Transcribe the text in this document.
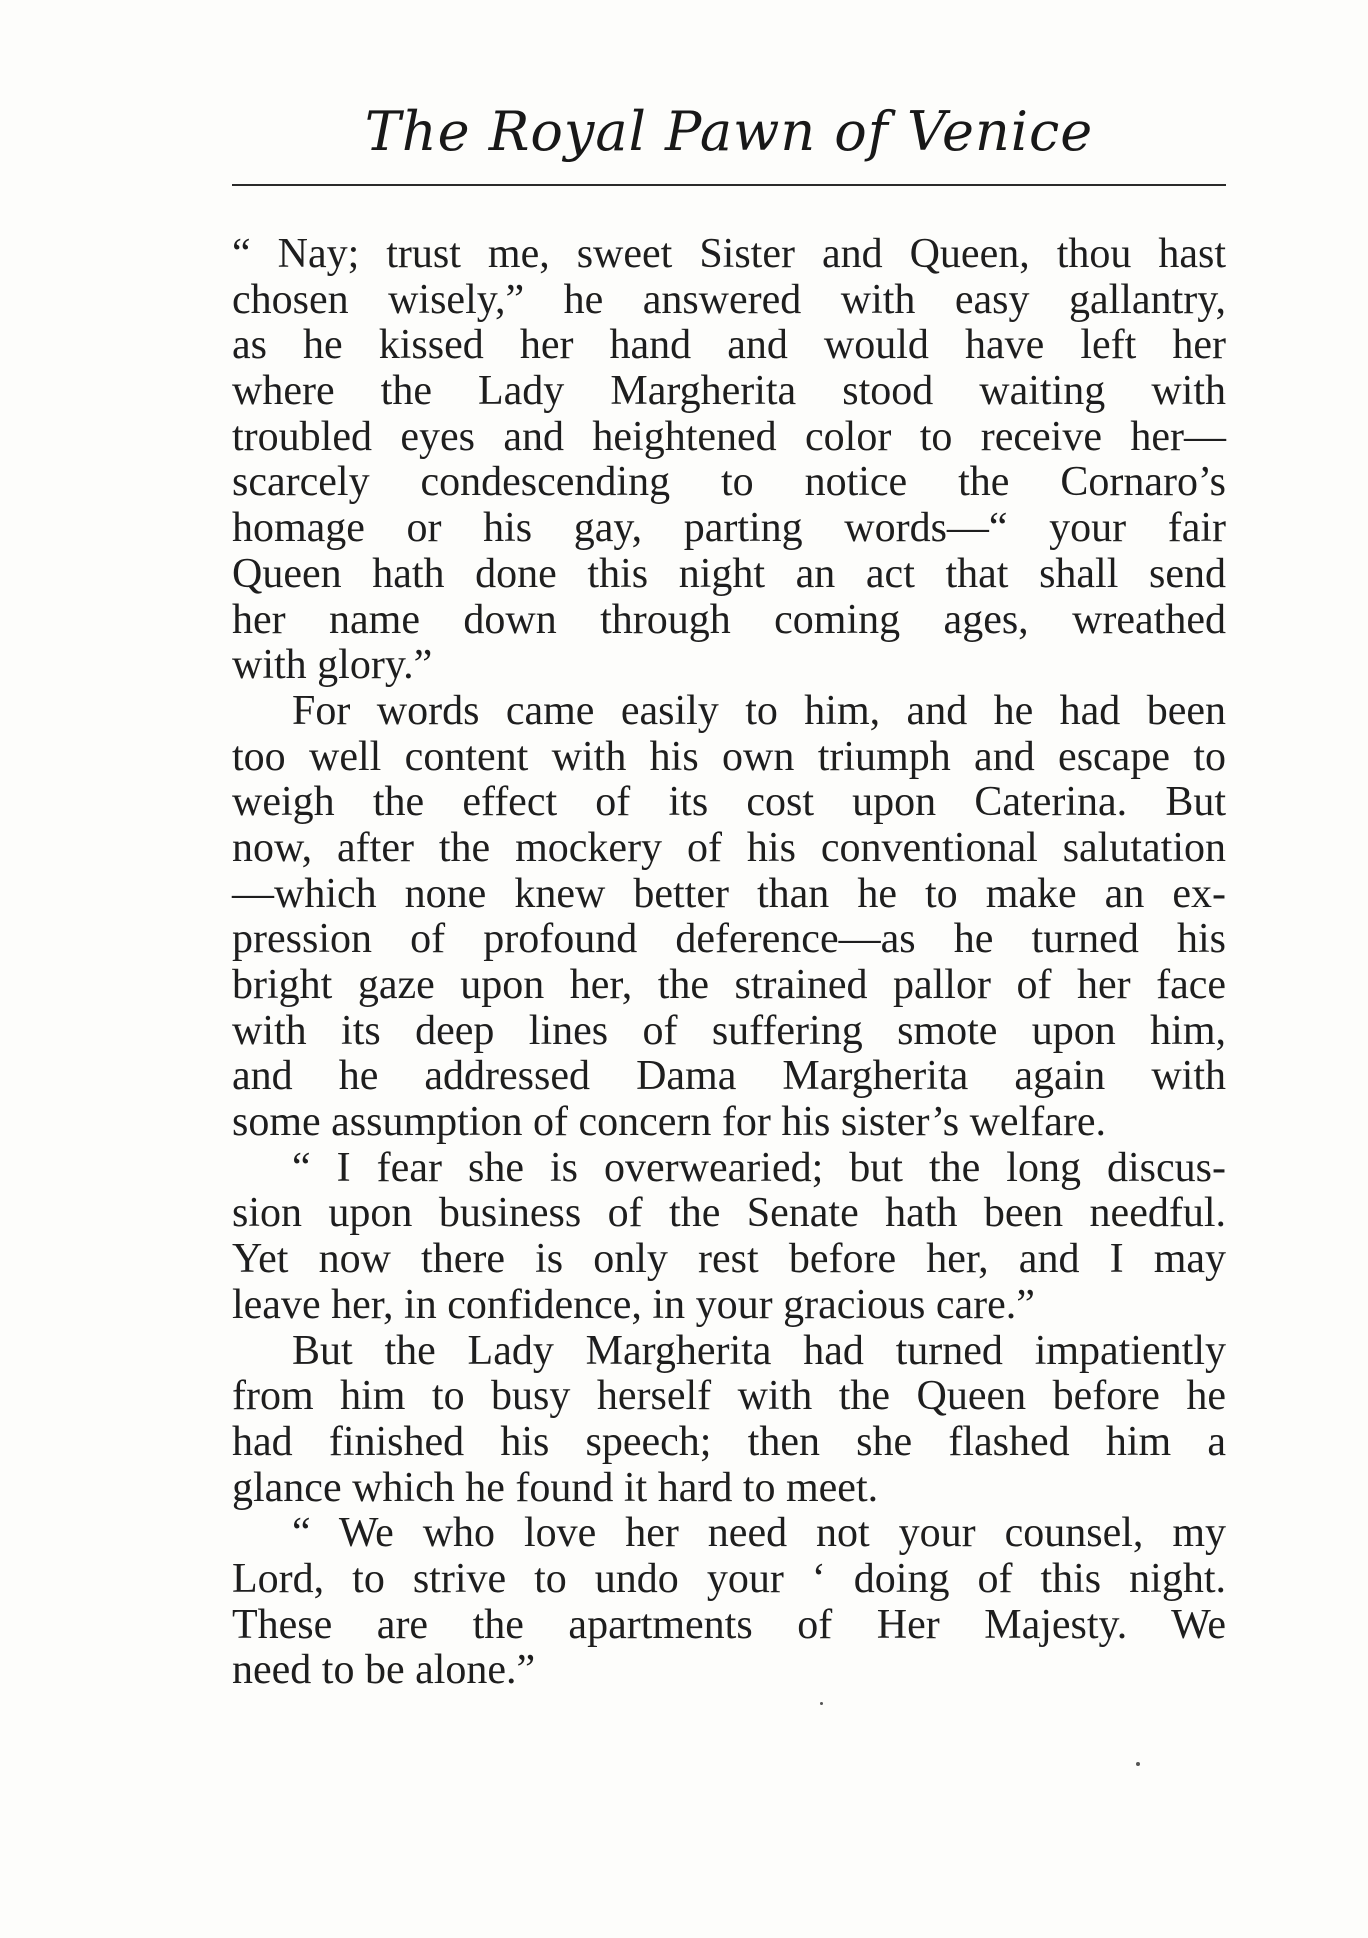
The Royal Pawn of Venice
“ Nay; trust me, sweet Sister and Queen, thou hast
chosen wisely,” he answered with easy gallantry,
as he kissed her hand and would have left her
where the Lady Margherita stood waiting with
troubled eyes and heightened color to receive her—
scarcely condescending to notice the Cornaro’s
homage or his gay, parting words—“ your fair
Queen hath done this night an act that shall send
her name down through coming ages, wreathed
with glory.”
For words came easily to him, and he had been
too well content with his own triumph and escape to
weigh the effect of its cost upon Caterina. But
now, after the mockery of his conventional salutation
—which none knew better than he to make an ex-
pression of profound deference—as he turned his
bright gaze upon her, the strained pallor of her face
with its deep lines of suffering smote upon him,
and he addressed Dama Margherita again with
some assumption of concern for his sister’s welfare.
“ I fear she is overwearied; but the long discus-
sion upon business of the Senate hath been needful.
Yet now there is only rest before her, and I may
leave her, in confidence, in your gracious care.”
But the Lady Margherita had turned impatiently
from him to busy herself with the Queen before he
had finished his speech; then she flashed him a
glance which he found it hard to meet.
“ We who love her need not your counsel, my
Lord, to strive to undo your ‘ doing of this night.
These are the apartments of Her Majesty. We
need to be alone.”
